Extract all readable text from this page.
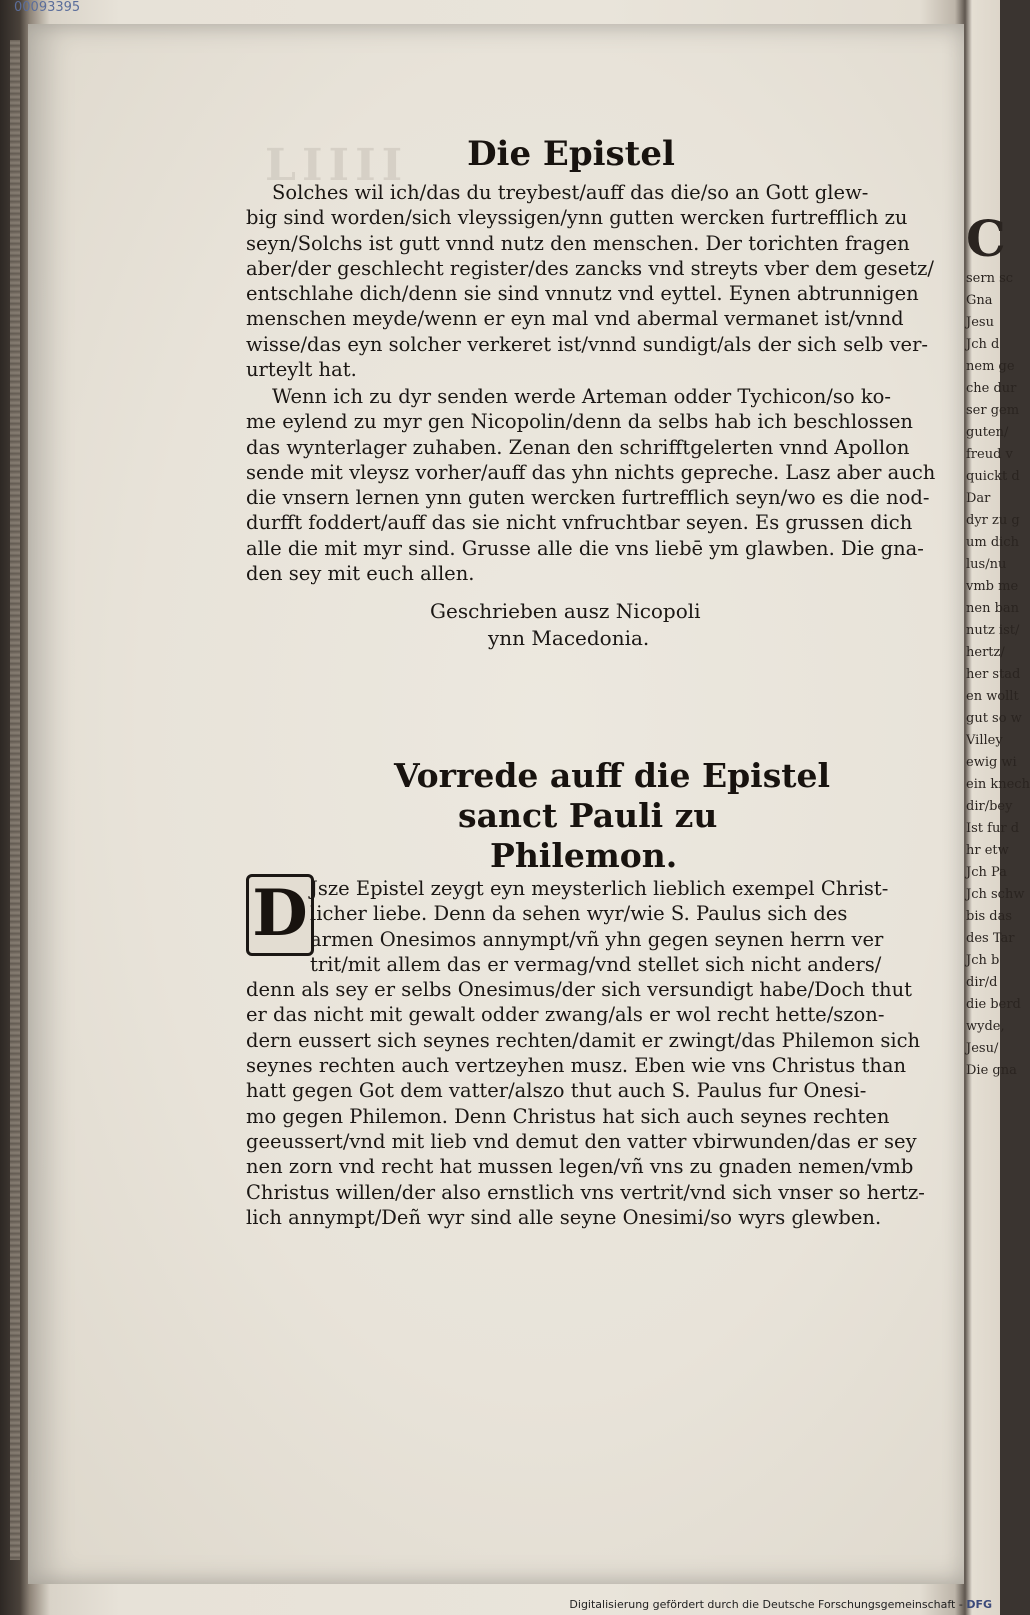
00093395
LIIII	Die Epistel
Solches wil ich/das du treybest/auff das die/so an Gott glew-
big sind worden/sich vleyssigen/ynn gutten wercken furtrefflich zu
seyn/Solchs ist gutt vnnd nutz den menschen. Der torichten fragen
aber/der geschlecht register/des zancks vnd streyts vber dem gesetz/
entschlahe dich/denn sie sind vnnutz vnd eyttel. Eynen abtrunnigen
menschen meyde/wenn er eyn mal vnd abermal vermanet ist/vnnd
wisse/das eyn solcher verkeret ist/vnnd sundigt/als der sich selb ver-
urteylt hat.
Wenn ich zu dyr senden werde Arteman odder Tychicon/so ko-
me eylend zu myr gen Nicopolin/denn da selbs hab ich beschlossen
das wynterlager zuhaben. Zenan den schrifftgelerten vnnd Apollon
sende mit vleysz vorher/auff das yhn nichts gepreche. Lasz aber auch
die vnsern lernen ynn guten wercken furtrefflich seyn/wo es die nod-
durfft foddert/auff das sie nicht vnfruchtbar seyen. Es grussen dich
alle die mit myr sind. Grusse alle die vns liebē ym glawben. Die gna-
den sey mit euch allen.
Geschrieben ausz Nicopoli
ynn Macedonia.
Vorrede auff die Epistel
sanct Pauli zu
Philemon.
D Jsze Epistel zeygt eyn meysterlich lieblich exempel Christ-
licher liebe. Denn da sehen wyr/wie S. Paulus sich des
armen Onesimos annympt/vñ yhn gegen seynen herrn ver
trit/mit allem das er vermag/vnd stellet sich nicht anders/
denn als sey er selbs Onesimus/der sich versundigt habe/Doch thut
er das nicht mit gewalt odder zwang/als er wol recht hette/szon-
dern eussert sich seynes rechten/damit er zwingt/das Philemon sich
seynes rechten auch vertzeyhen musz. Eben wie vns Christus than
hatt gegen Got dem vatter/alszo thut auch S. Paulus fur Onesi-
mo gegen Philemon. Denn Christus hat sich auch seynes rechten
geeussert/vnd mit lieb vnd demut den vatter vbirwunden/das er sey
nen zorn vnd recht hat mussen legen/vñ vns zu gnaden nemen/vmb
Christus willen/der also ernstlich vns vertrit/vnd sich vnser so hertz-
lich annympt/Deñ wyr sind alle seyne Onesimi/so wyrs glewben.
C
sern sc
Gna
Jesu
Jch d
nem ge
che dur
ser gem
guten/
freud v
quickt d
Dar
dyr zu g
um dich
lus/nu
vmb me
nen ban
nutz ist/
hertz/
her stad
en wollt
gut so w
Villey
ewig wi
ein knech
dir/bey
Ist fur d
hr etw
Jch Pa
Jch schw
bis das
des Tar
Jch b
dir/d
die berd
wyde,
Jesu/
Die gna
Digitalisierung gefördert durch die Deutsche Forschungsgemeinschaft - DFG
